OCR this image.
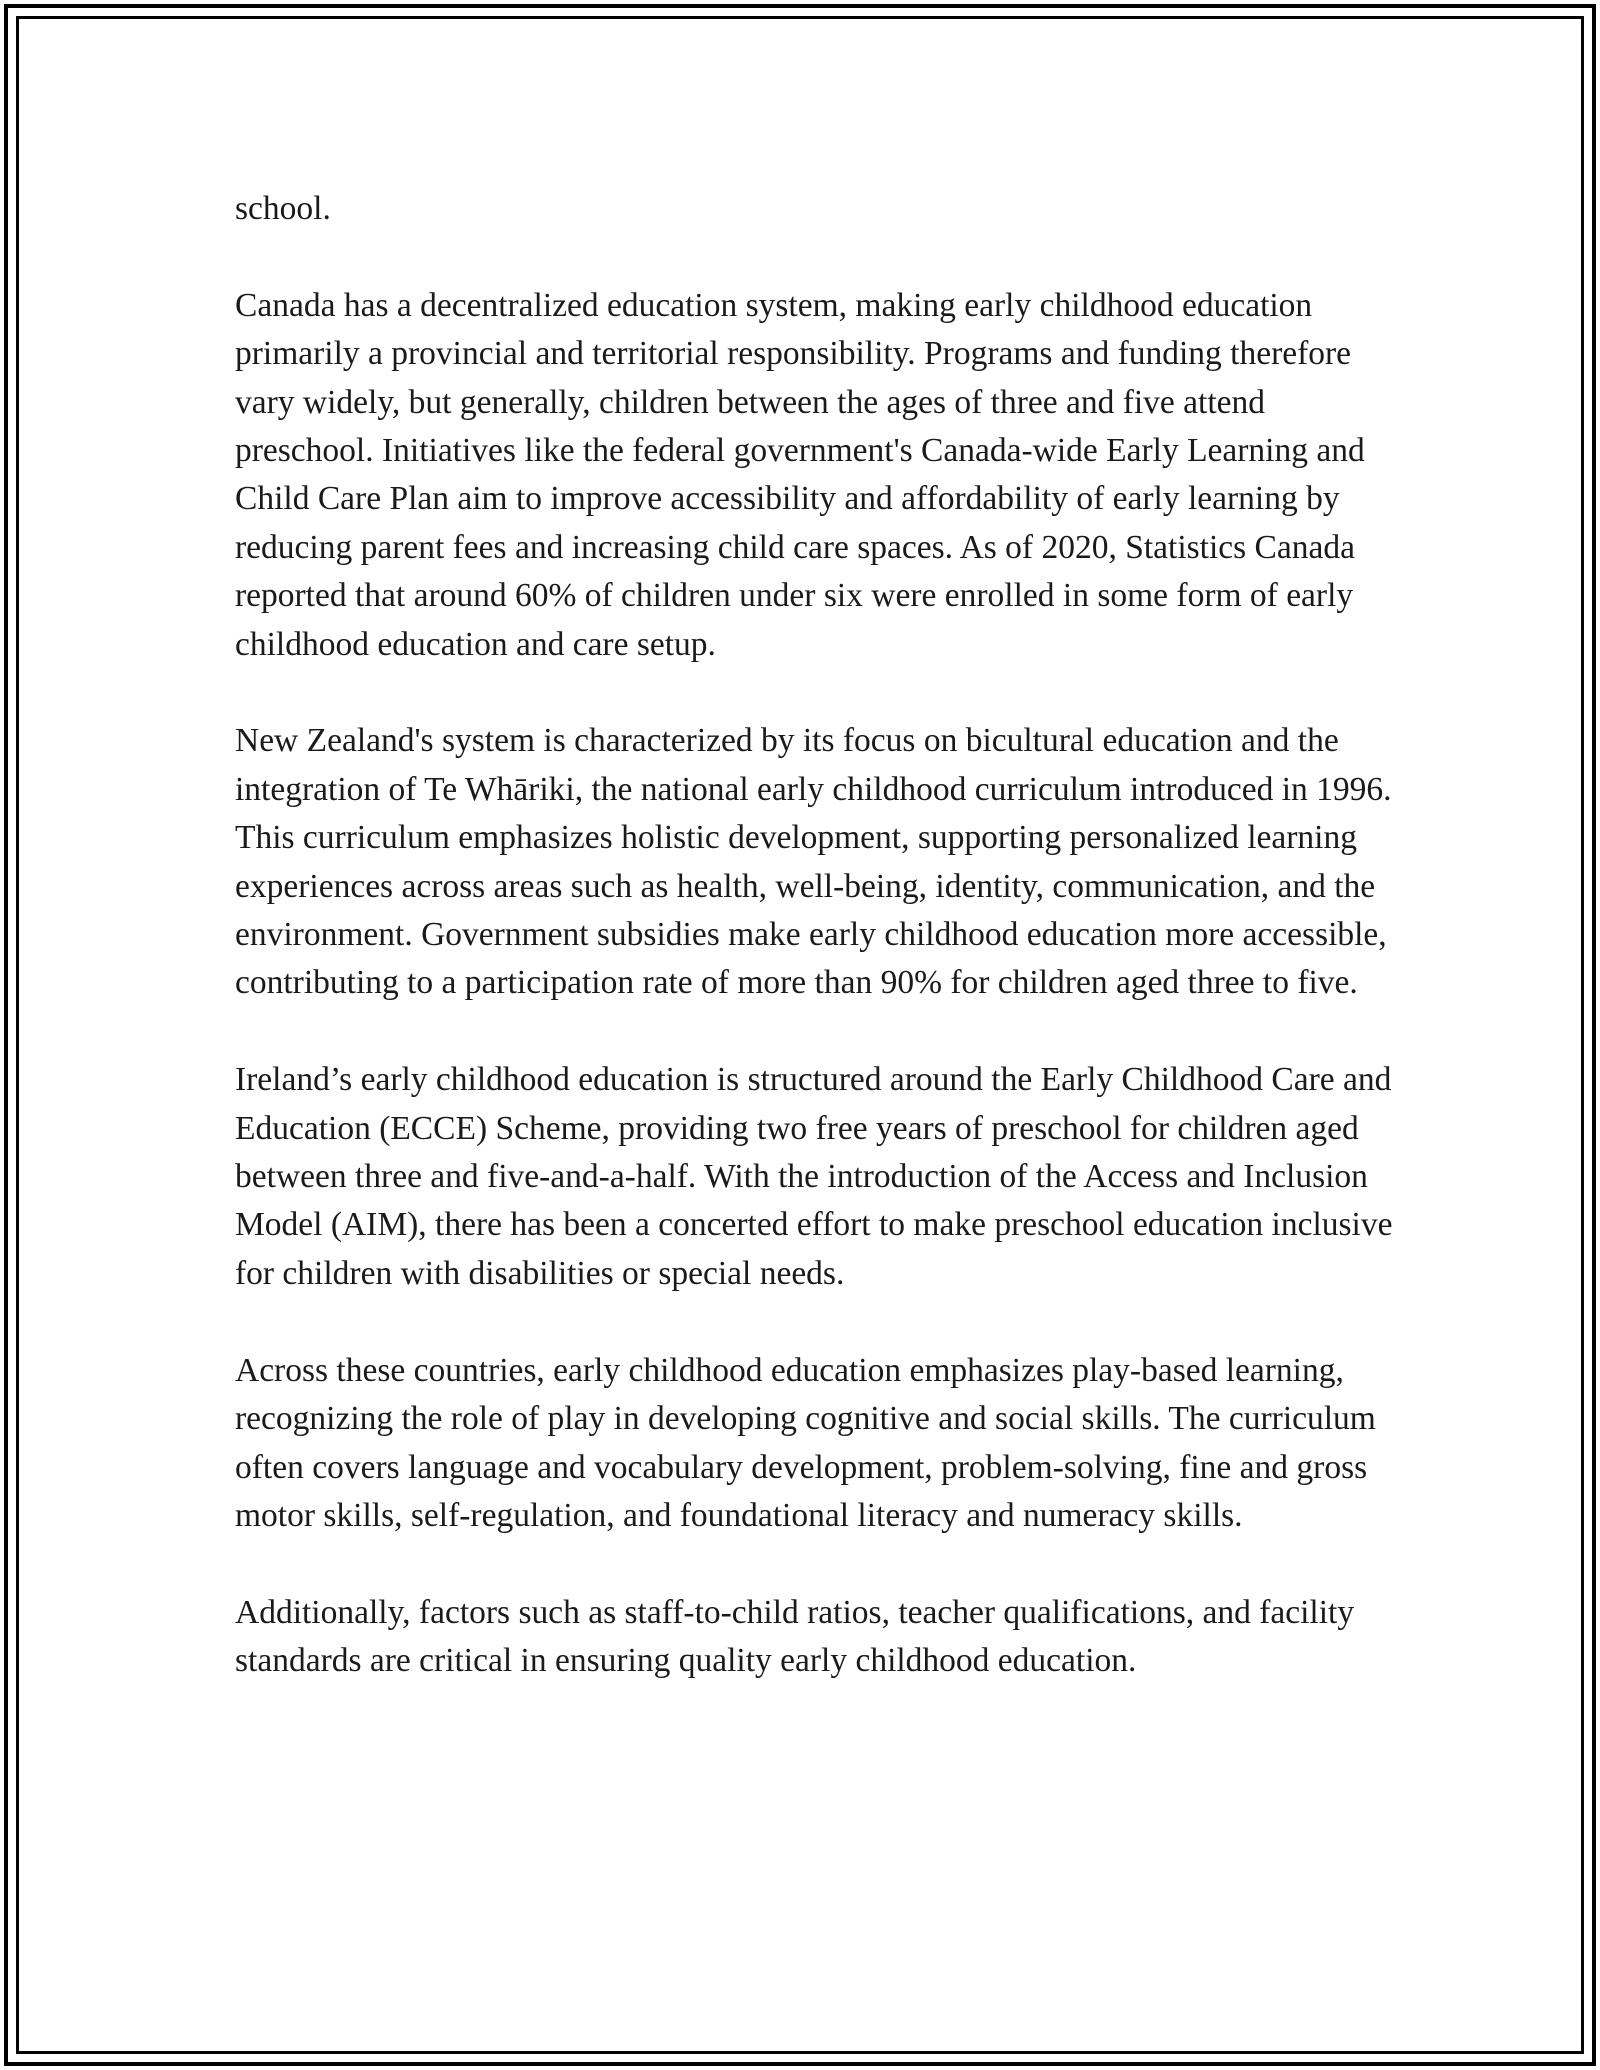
school.

Canada has a decentralized education system, making early childhood education primarily a provincial and territorial responsibility. Programs and funding therefore vary widely, but generally, children between the ages of three and five attend preschool. Initiatives like the federal government's Canada-wide Early Learning and Child Care Plan aim to improve accessibility and affordability of early learning by reducing parent fees and increasing child care spaces. As of 2020, Statistics Canada reported that around 60% of children under six were enrolled in some form of early childhood education and care setup.

New Zealand's system is characterized by its focus on bicultural education and the integration of Te Whāriki, the national early childhood curriculum introduced in 1996. This curriculum emphasizes holistic development, supporting personalized learning experiences across areas such as health, well-being, identity, communication, and the environment. Government subsidies make early childhood education more accessible, contributing to a participation rate of more than 90% for children aged three to five.

Ireland’s early childhood education is structured around the Early Childhood Care and Education (ECCE) Scheme, providing two free years of preschool for children aged between three and five-and-a-half. With the introduction of the Access and Inclusion Model (AIM), there has been a concerted effort to make preschool education inclusive for children with disabilities or special needs.

Across these countries, early childhood education emphasizes play-based learning, recognizing the role of play in developing cognitive and social skills. The curriculum often covers language and vocabulary development, problem-solving, fine and gross motor skills, self-regulation, and foundational literacy and numeracy skills.

Additionally, factors such as staff-to-child ratios, teacher qualifications, and facility standards are critical in ensuring quality early childhood education.
